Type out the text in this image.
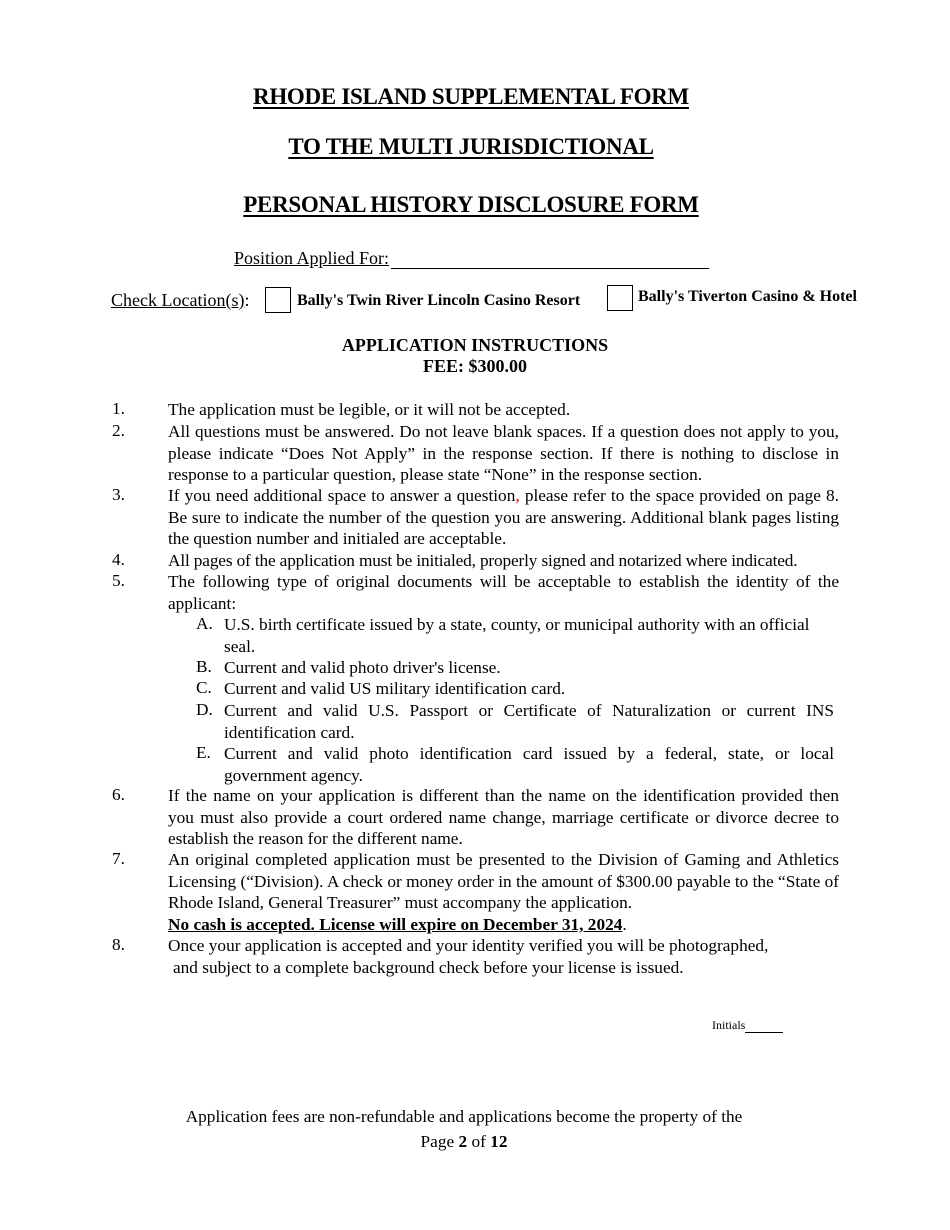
RHODE ISLAND SUPPLEMENTAL FORM
TO THE MULTI JURISDICTIONAL
PERSONAL HISTORY DISCLOSURE FORM
Position Applied For:
Check Location(s):	Bally's Twin River Lincoln Casino Resort	Bally's Tiverton Casino & Hotel
APPLICATION INSTRUCTIONS
FEE: $300.00
1.	The application must be legible, or it will not be accepted.
2.	All questions must be answered. Do not leave blank spaces. If a question does not apply to you, please indicate “Does Not Apply” in the response section. If there is nothing to disclose in response to a particular question, please state “None” in the response section.
3.	If you need additional space to answer a question, please refer to the space provided on page 8. Be sure to indicate the number of the question you are answering. Additional blank pages listing the question number and initialed are acceptable.
4.	All pages of the application must be initialed, properly signed and notarized where indicated.
5.	The following type of original documents will be acceptable to establish the identity of the applicant:
A. U.S. birth certificate issued by a state, county, or municipal authority with an official seal.
B. Current and valid photo driver's license.
C. Current and valid US military identification card.
D. Current and valid U.S. Passport or Certificate of Naturalization or current INS identification card.
E. Current and valid photo identification card issued by a federal, state, or local government agency.
6.	If the name on your application is different than the name on the identification provided then you must also provide a court ordered name change, marriage certificate or divorce decree to establish the reason for the different name.
7.	An original completed application must be presented to the Division of Gaming and Athletics Licensing (“Division). A check or money order in the amount of $300.00 payable to the “State of Rhode Island, General Treasurer” must accompany the application.
No cash is accepted. License will expire on December 31, 2024.
8.	Once your application is accepted and your identity verified you will be photographed,
and subject to a complete background check before your license is issued.
Initials
Application fees are non-refundable and applications become the property of the
Page 2 of 12
